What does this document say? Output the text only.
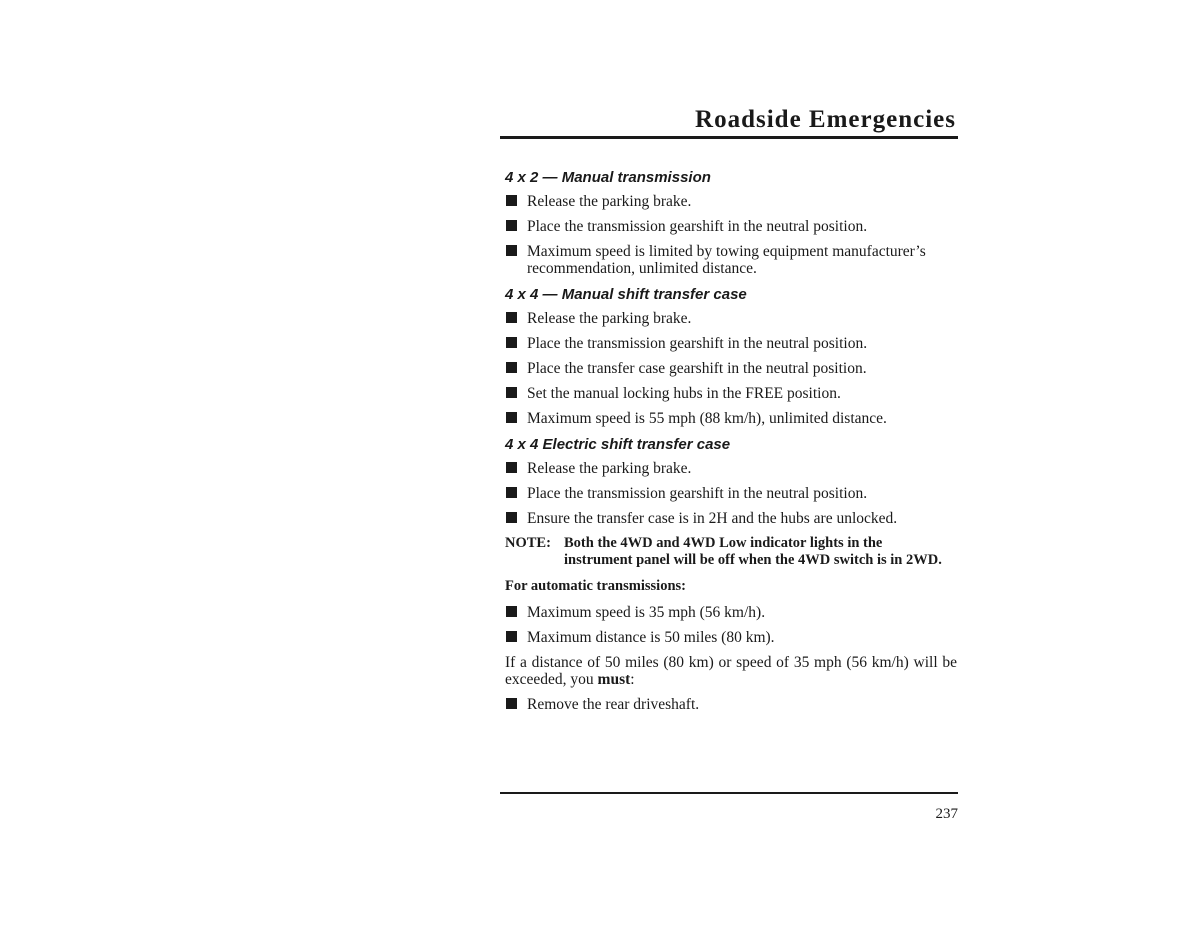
Roadside Emergencies
4 x 2 — Manual transmission
Release the parking brake.
Place the transmission gearshift in the neutral position.
Maximum speed is limited by towing equipment manufacturer’s recommendation, unlimited distance.
4 x 4 — Manual shift transfer case
Release the parking brake.
Place the transmission gearshift in the neutral position.
Place the transfer case gearshift in the neutral position.
Set the manual locking hubs in the FREE position.
Maximum speed is 55 mph (88 km/h), unlimited distance.
4 x 4 Electric shift transfer case
Release the parking brake.
Place the transmission gearshift in the neutral position.
Ensure the transfer case is in 2H and the hubs are unlocked.
NOTE: Both the 4WD and 4WD Low indicator lights in the instrument panel will be off when the 4WD switch is in 2WD.
For automatic transmissions:
Maximum speed is 35 mph (56 km/h).
Maximum distance is 50 miles (80 km).
If a distance of 50 miles (80 km) or speed of 35 mph (56 km/h) will be exceeded, you must:
Remove the rear driveshaft.
237
